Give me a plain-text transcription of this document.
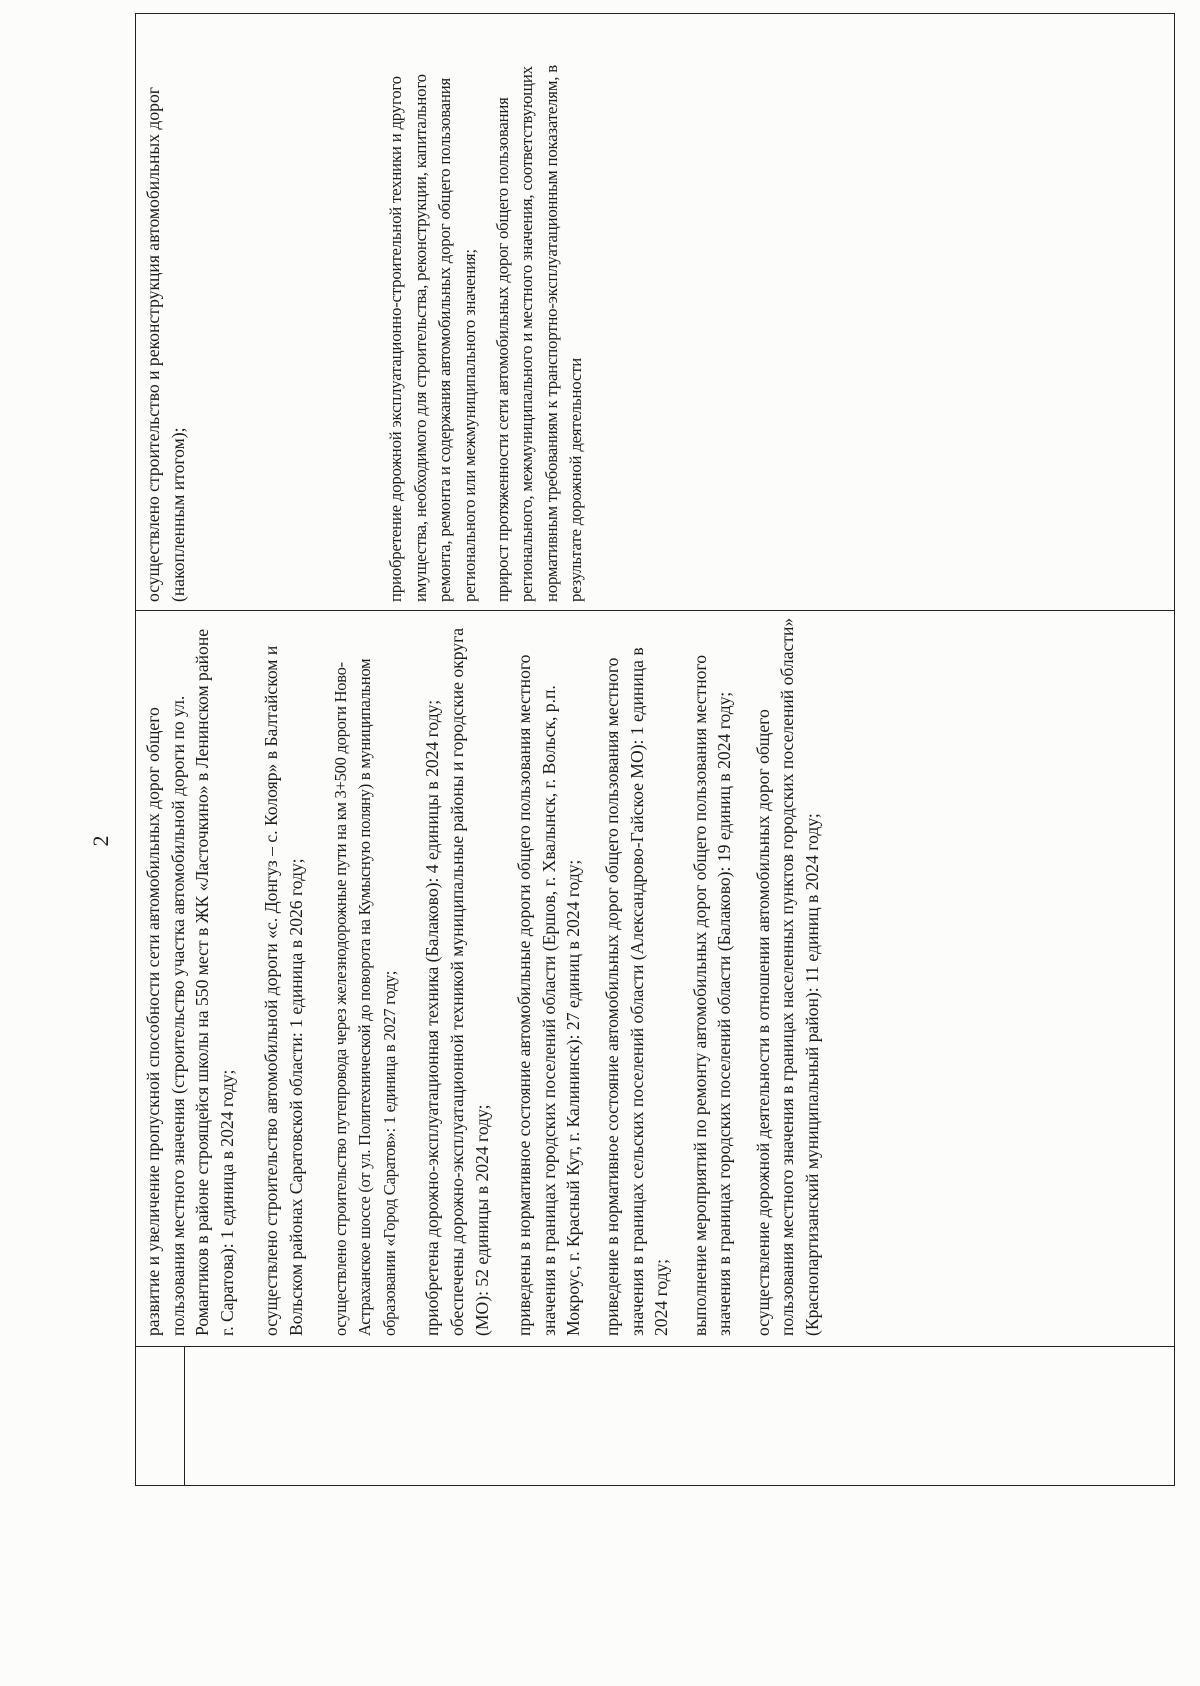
2 развитие и увеличение пропускной способности сети автомобильных дорог общего пользования местного значения (строительство участка автомобильной дороги по ул. Романтиков в районе строящейся школы на 550 мест в ЖК «Ласточкино» в Ленинском районе г. Саратова): 1 единица в 2024 году; осуществлено строительство автомобильной дороги «с. Донгуз – с. Колояр» в Балтайском и Вольском районах Саратовской области: 1 единица в 2026 году; осуществлено строительство путепровода через железнодорожные пути на км 3+500 дороги Ново-Астраханское шоссе (от ул. Политехнической до поворота на Кумысную поляну) в муниципальном образовании «Город Саратов»: 1 единица в 2027 году; приобретена дорожно-эксплуатационная техника (Балаково): 4 единицы в 2024 году; обеспечены дорожно-эксплуатационной техникой муниципальные районы и городские округа (МО): 52 единицы в 2024 году; приведены в нормативное состояние автомобильные дороги общего пользования местного значения в границах городских поселений области (Ершов, г. Хвалынск, г. Вольск, р.п. Мокроус, г. Красный Кут, г. Калининск): 27 единиц в 2024 году; приведение в нормативное состояние автомобильных дорог общего пользования местного значения в границах сельских поселений области (Александрово-Гайское МО): 1 единица в 2024 году; выполнение мероприятий по ремонту автомобильных дорог общего пользования местного значения в границах городских поселений области (Балаково): 19 единиц в 2024 году; осуществление дорожной деятельности в отношении автомобильных дорог общего пользования местного значения в границах населенных пунктов городских поселений области» (Краснопартизанский муниципальный район): 11 единиц в 2024 году;

осуществлено строительство и реконструкция автомобильных дорог (накопленным итогом);	приобретение дорожной эксплуатационно-строительной техники и другого имущества, необходимого для строительства, реконструкции, капитального ремонта, ремонта и содержания автомобильных дорог общего пользования регионального или межмуниципального значения; прирост протяженности сети автомобильных дорог общего пользования регионального, межмуниципального и местного значения, соответствующих нормативным требованиям к транспортно-эксплуатационным показателям, в результате дорожной деятельности
